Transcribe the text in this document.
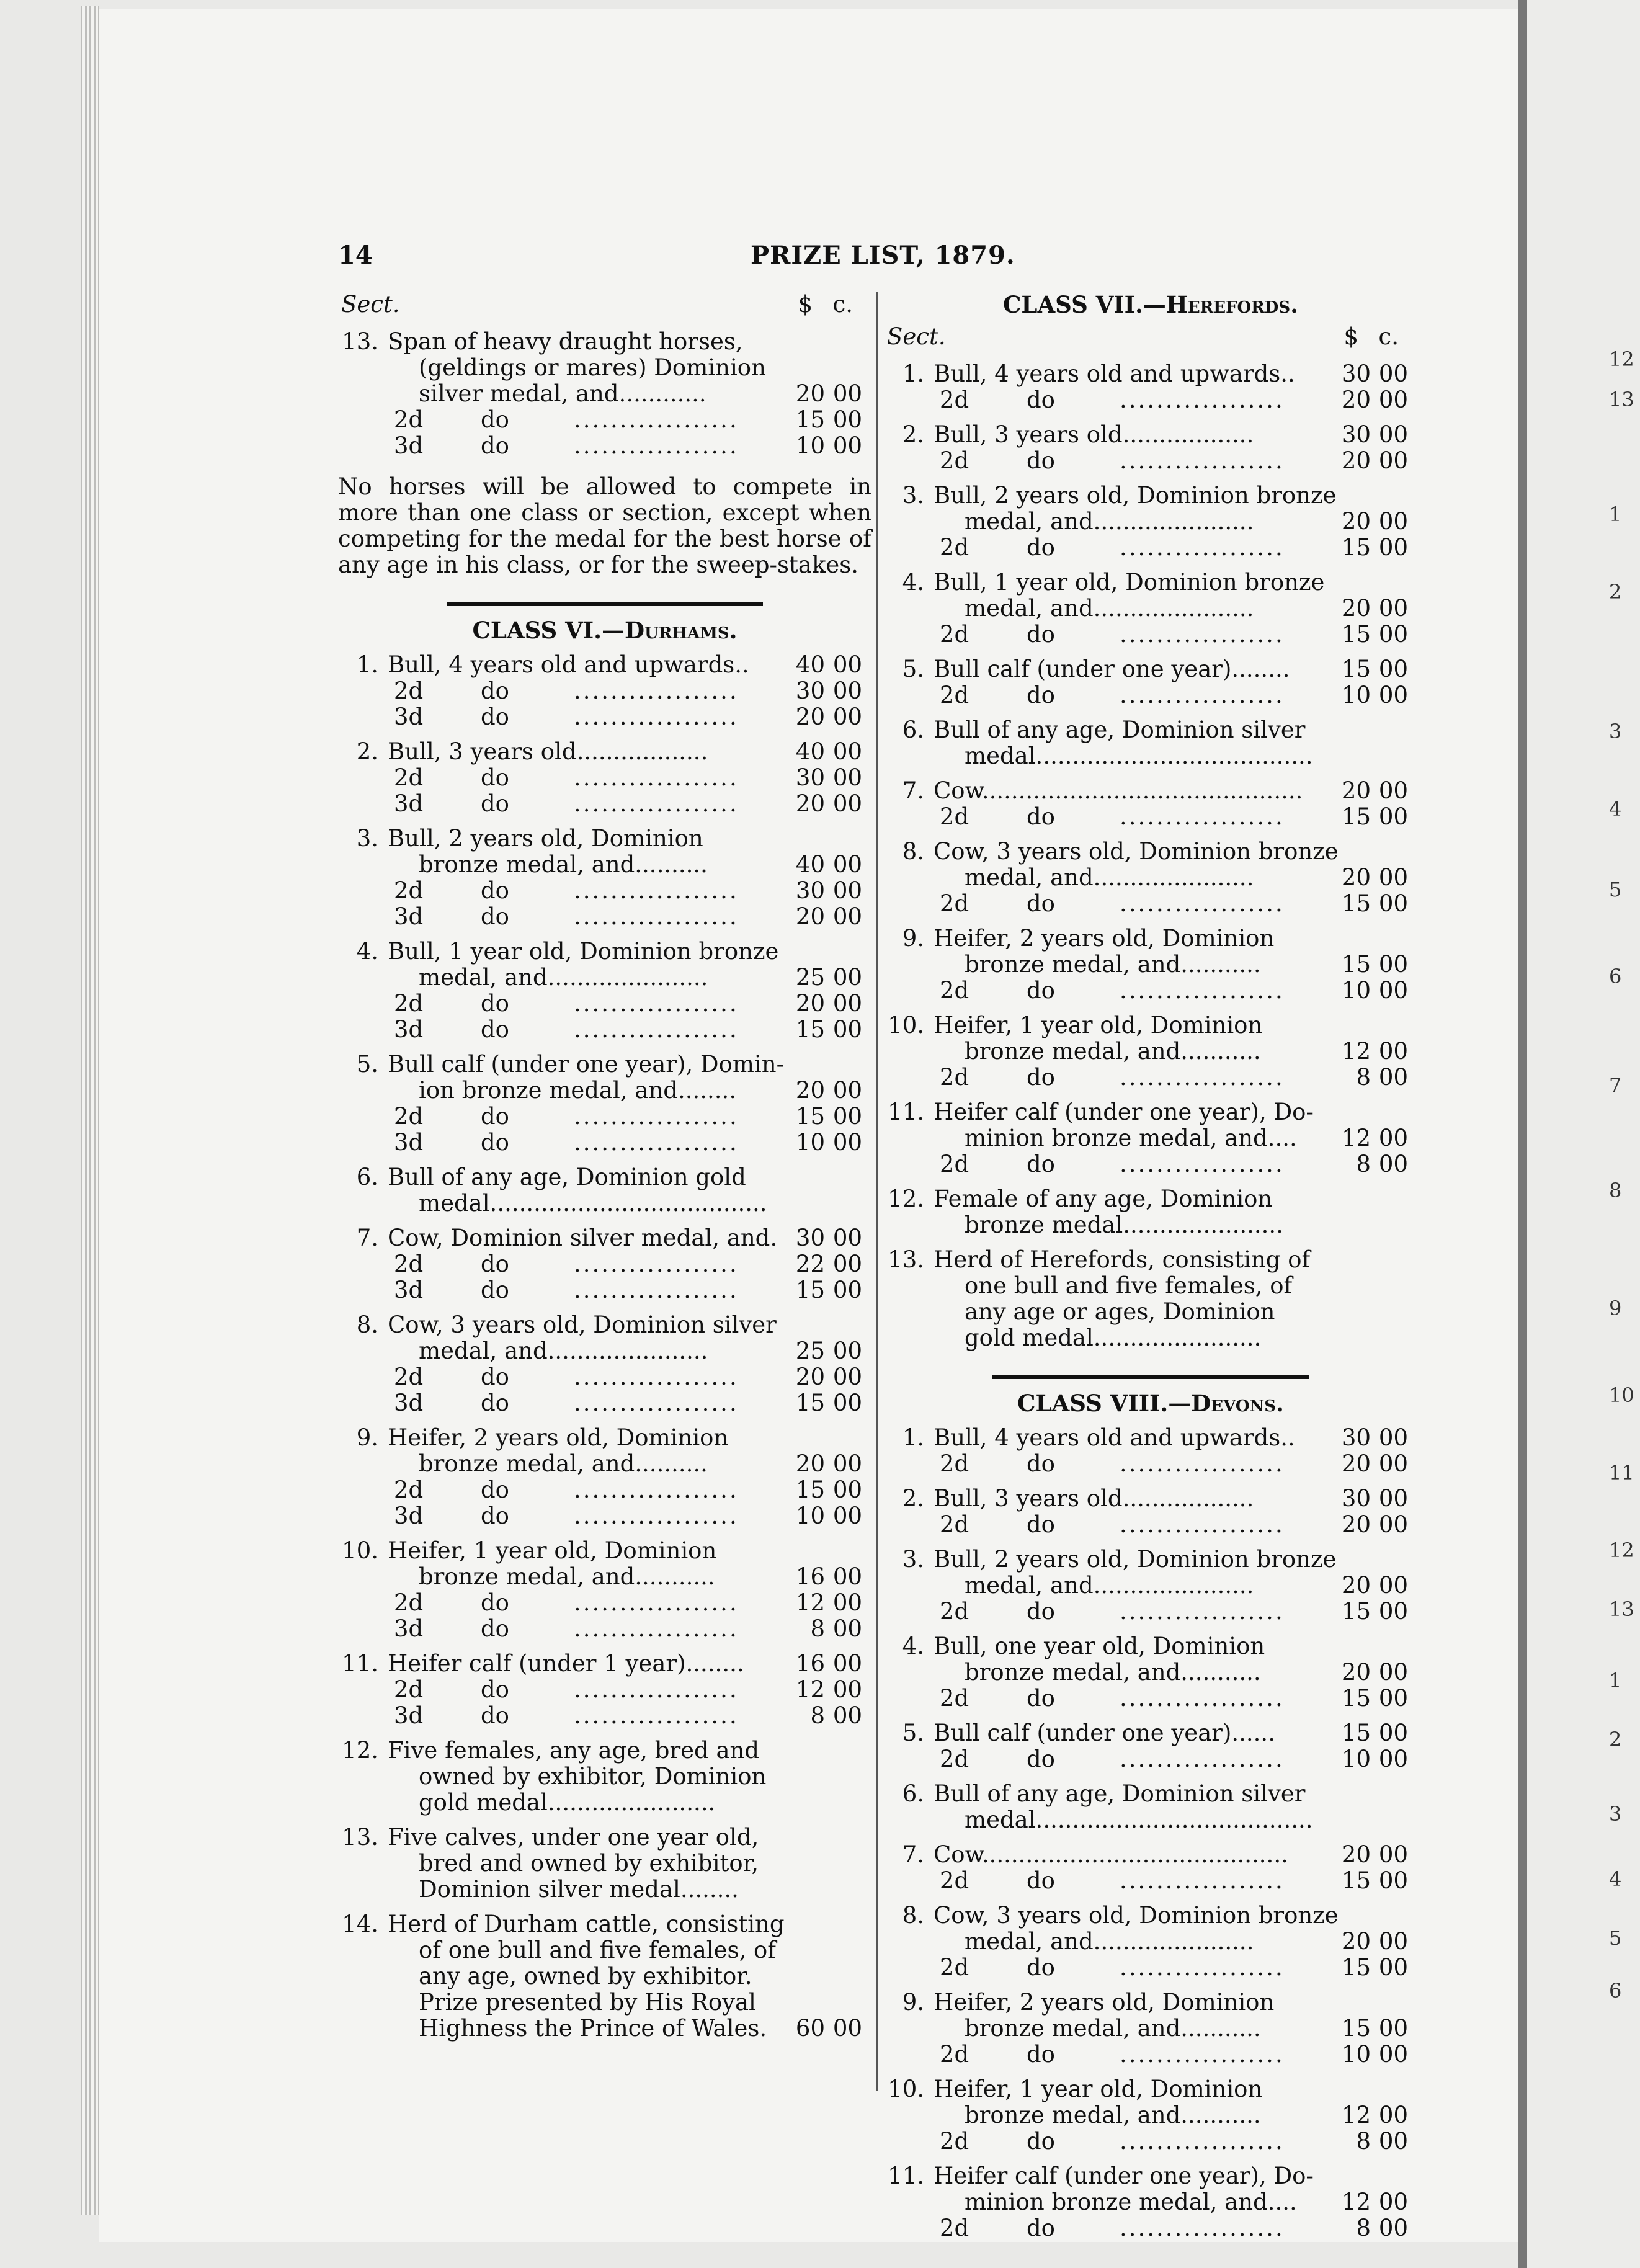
12
13
1
2
3
4
5
6
7
8
9
10
11
12
13
1
2
3
4
5
6
14	PRIZE LIST, 1879.
Sect.	$ c.
13. Span of heavy draught horses,
(geldings or mares) Dominion
silver medal, and............	20 00
2d	do	.................. 15 00
3d	do	.................. 10 00
No horses will be allowed to compete in more than one class or section, except when competing for the medal for the best horse of any age in his class, or for the sweep-stakes.
CLASS VI.—Durhams.
1. Bull, 4 years old and upwards.. 40 00
2d	do	.................. 30 00
3d	do	.................. 20 00
2. Bull, 3 years old..................	40 00
2d	do	.................. 30 00
3d	do	.................. 20 00
3. Bull, 2 years old, Dominion
bronze medal, and..........	40 00
2d	do	.................. 30 00
3d	do	.................. 20 00
4. Bull, 1 year old, Dominion bronze
medal, and......................	25 00
2d	do	.................. 20 00
3d	do	.................. 15 00
5. Bull calf (under one year), Domin-
ion bronze medal, and........	20 00
2d	do	.................. 15 00
3d	do	.................. 10 00
6. Bull of any age, Dominion gold
medal......................................
7. Cow, Dominion silver medal, and. 30 00
2d	do	.................. 22 00
3d	do	.................. 15 00
8. Cow, 3 years old, Dominion silver
medal, and......................	25 00
2d	do	.................. 20 00
3d	do	.................. 15 00
9. Heifer, 2 years old, Dominion
bronze medal, and..........	20 00
2d	do	.................. 15 00
3d	do	.................. 10 00
10. Heifer, 1 year old, Dominion
bronze medal, and...........	16 00
2d	do	.................. 12 00
3d	do	..................	8 00
11. Heifer calf (under 1 year)........ 16 00
2d	do	.................. 12 00
3d	do	..................	8 00
12. Five females, any age, bred and
owned by exhibitor, Dominion
gold medal.......................
13. Five calves, under one year old,
bred and owned by exhibitor,
Dominion silver medal........
14. Herd of Durham cattle, consisting
of one bull and five females, of
any age, owned by exhibitor.
Prize presented by His Royal
Highness the Prince of Wales. 60 00
CLASS VII.—Herefords.
Sect.	$ c.
1. Bull, 4 years old and upwards.. 30 00
2d	do	.................. 20 00
2. Bull, 3 years old..................	30 00
2d	do	.................. 20 00
3. Bull, 2 years old, Dominion bronze
medal, and......................	20 00
2d	do	.................. 15 00
4. Bull, 1 year old, Dominion bronze
medal, and......................	20 00
2d	do	.................. 15 00
5. Bull calf (under one year)........ 15 00
2d	do	.................. 10 00
6. Bull of any age, Dominion silver
medal......................................
7. Cow............................................ 20 00
2d	do	.................. 15 00
8. Cow, 3 years old, Dominion bronze
medal, and......................	20 00
2d	do	.................. 15 00
9. Heifer, 2 years old, Dominion
bronze medal, and...........	15 00
2d	do	.................. 10 00
10. Heifer, 1 year old, Dominion
bronze medal, and...........	12 00
2d	do	..................	8 00
11. Heifer calf (under one year), Do-
minion bronze medal, and.... 12 00
2d	do	..................	8 00
12. Female of any age, Dominion
bronze medal......................
13. Herd of Herefords, consisting of
one bull and five females, of
any age or ages, Dominion
gold medal.......................
CLASS VIII.—Devons.
1. Bull, 4 years old and upwards.. 30 00
2d	do	.................. 20 00
2. Bull, 3 years old..................	30 00
2d	do	.................. 20 00
3. Bull, 2 years old, Dominion bronze
medal, and......................	20 00
2d	do	.................. 15 00
4. Bull, one year old, Dominion
bronze medal, and...........	20 00
2d	do	.................. 15 00
5. Bull calf (under one year)......	15 00
2d	do	.................. 10 00
6. Bull of any age, Dominion silver
medal......................................
7. Cow.......................................... 20 00
2d	do	.................. 15 00
8. Cow, 3 years old, Dominion bronze
medal, and......................	20 00
2d	do	.................. 15 00
9. Heifer, 2 years old, Dominion
bronze medal, and...........	15 00
2d	do	.................. 10 00
10. Heifer, 1 year old, Dominion
bronze medal, and...........	12 00
2d	do	..................	8 00
11. Heifer calf (under one year), Do-
minion bronze medal, and.... 12 00
2d	do	..................	8 00
